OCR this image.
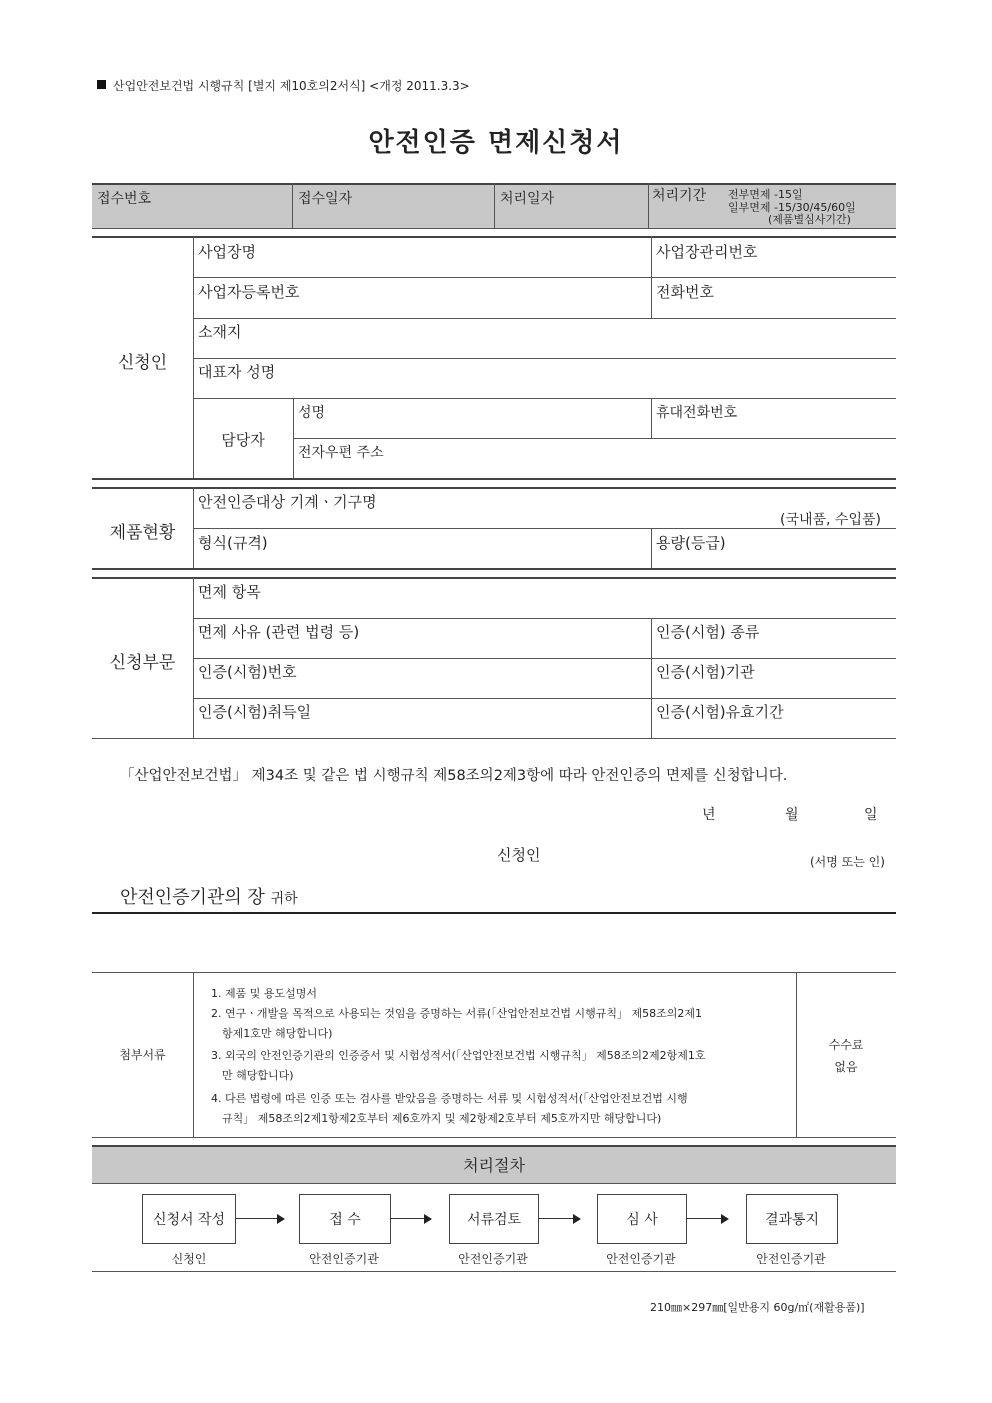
산업안전보건법 시행규칙 [별지 제10호의2서식] <개정 2011.3.3>
안전인증 면제신청서
접수번호	접수일자	처리일자	처리기간 전부면제 -15일
일부면제 -15/30/45/60일
(제품별심사기간)
신청인
사업장명	사업장관리번호
사업자등록번호	전화번호
소재지
대표자 성명
담당자
성명	휴대전화번호
전자우편 주소
제품현황
안전인증대상 기계ㆍ기구명
(국내품, 수입품)
형식(규격)	용량(등급)
신청부문
면제 항목
면제 사유 (관련 법령 등)	인증(시험) 종류
인증(시험)번호	인증(시험)기관
인증(시험)취득일	인증(시험)유효기간
「산업안전보건법」 제34조 및 같은 법 시행규칙 제58조의2제3항에 따라 안전인증의 면제를 신청합니다.
년	월	일
신청인	(서명 또는 인)
안전인증기관의 장 귀하
첨부서류
1. 제품 및 용도설명서
2. 연구ㆍ개발을 목적으로 사용되는 것임을 증명하는 서류(「산업안전보건법 시행규칙」 제58조의2제1
항제1호만 해당합니다)
3. 외국의 안전인증기관의 인증증서 및 시험성적서(「산업안전보건법 시행규칙」 제58조의2제2항제1호
만 해당합니다)
4. 다른 법령에 따른 인증 또는 검사를 받았음을 증명하는 서류 및 시험성적서(「산업안전보건법 시행
규칙」 제58조의2제1항제2호부터 제6호까지 및 제2항제2호부터 제5호까지만 해당합니다)
수수료
없음
처리절차
신청서 작성	접 수	서류검토	심 사	결과통지
신청인	안전인증기관	안전인증기관	안전인증기관	안전인증기관
210㎜×297㎜[일반용지 60g/㎡(재활용품)]
